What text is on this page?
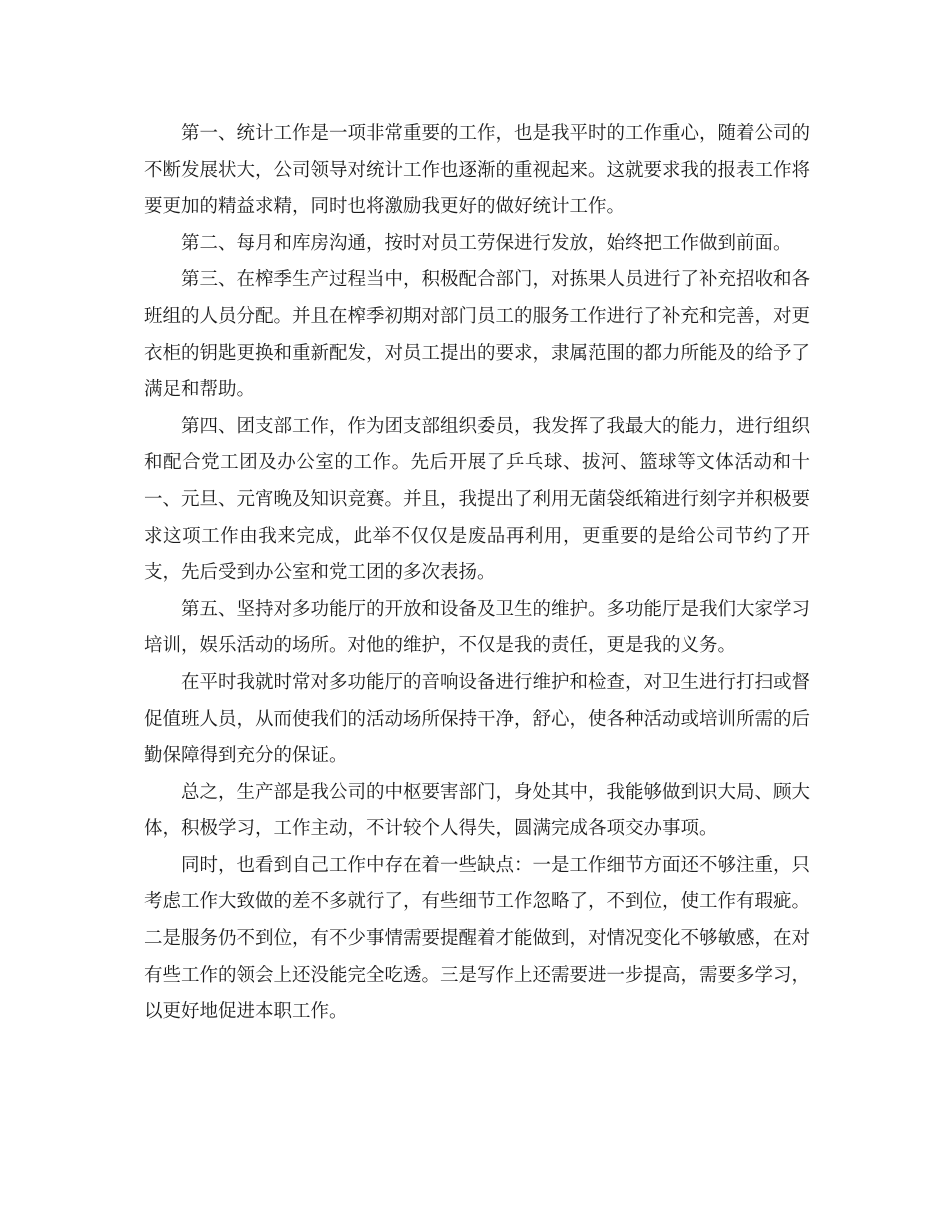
第一、统计工作是一项非常重要的工作，也是我平时的工作重心，随着公司的不断发展状大，公司领导对统计工作也逐渐的重视起来。这就要求我的报表工作将要更加的精益求精，同时也将激励我更好的做好统计工作。

第二、每月和库房沟通，按时对员工劳保进行发放，始终把工作做到前面。

第三、在榨季生产过程当中，积极配合部门，对拣果人员进行了补充招收和各班组的人员分配。并且在榨季初期对部门员工的服务工作进行了补充和完善，对更衣柜的钥匙更换和重新配发，对员工提出的要求，隶属范围的都力所能及的给予了满足和帮助。

第四、团支部工作，作为团支部组织委员，我发挥了我最大的能力，进行组织和配合党工团及办公室的工作。先后开展了乒乓球、拔河、篮球等文体活动和十一、元旦、元宵晚及知识竞赛。并且，我提出了利用无菌袋纸箱进行刻字并积极要求这项工作由我来完成，此举不仅仅是废品再利用，更重要的是给公司节约了开支，先后受到办公室和党工团的多次表扬。

第五、坚持对多功能厅的开放和设备及卫生的维护。多功能厅是我们大家学习培训，娱乐活动的场所。对他的维护，不仅是我的责任，更是我的义务。

在平时我就时常对多功能厅的音响设备进行维护和检查，对卫生进行打扫或督促值班人员，从而使我们的活动场所保持干净，舒心，使各种活动或培训所需的后勤保障得到充分的保证。

总之，生产部是我公司的中枢要害部门，身处其中，我能够做到识大局、顾大体，积极学习，工作主动，不计较个人得失，圆满完成各项交办事项。

同时，也看到自己工作中存在着一些缺点：一是工作细节方面还不够注重，只考虑工作大致做的差不多就行了，有些细节工作忽略了，不到位，使工作有瑕疵。二是服务仍不到位，有不少事情需要提醒着才能做到，对情况变化不够敏感，在对有些工作的领会上还没能完全吃透。三是写作上还需要进一步提高，需要多学习，以更好地促进本职工作。
